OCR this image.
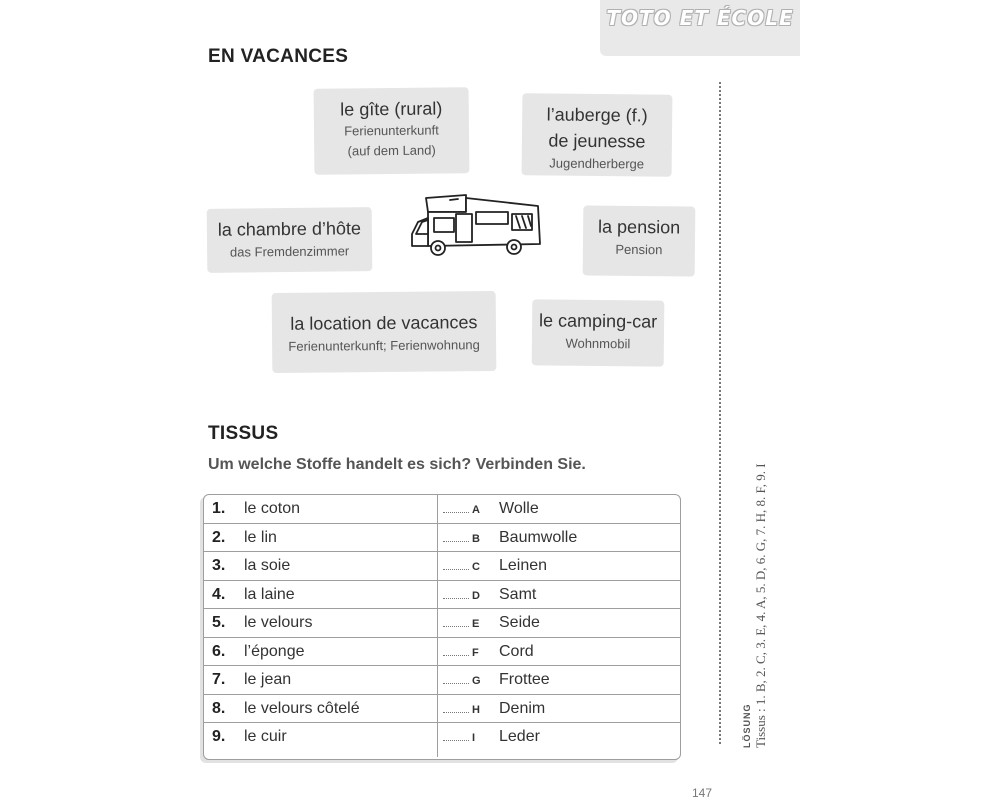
TOTO ET ÉCOLE
EN VACANCES
le gîte (rural)
Ferienunterkunft
(auf dem Land)
l’auberge (f.)
de jeunesse
Jugendherberge
la chambre d’hôte
das Fremdenzimmer
la pension
Pension
la location de vacances
Ferienunterkunft; Ferienwohnung
le camping-car
Wohnmobil
TISSUS
Um welche Stoffe handelt es sich? Verbinden Sie.
1. le coton	A Wolle
2. le lin	B Baumwolle
3. la soie	C Leinen
4. la laine	D Samt
5. le velours	E Seide
6. l’éponge	F Cord
7. le jean	G Frottee
8. le velours côtelé	H Denim
9. le cuir	I Leder	LÖSUNG Tissus : 1. B, 2. C, 3. E, 4. A, 5. D, 6. G, 7. H, 8. F, 9. I
147
